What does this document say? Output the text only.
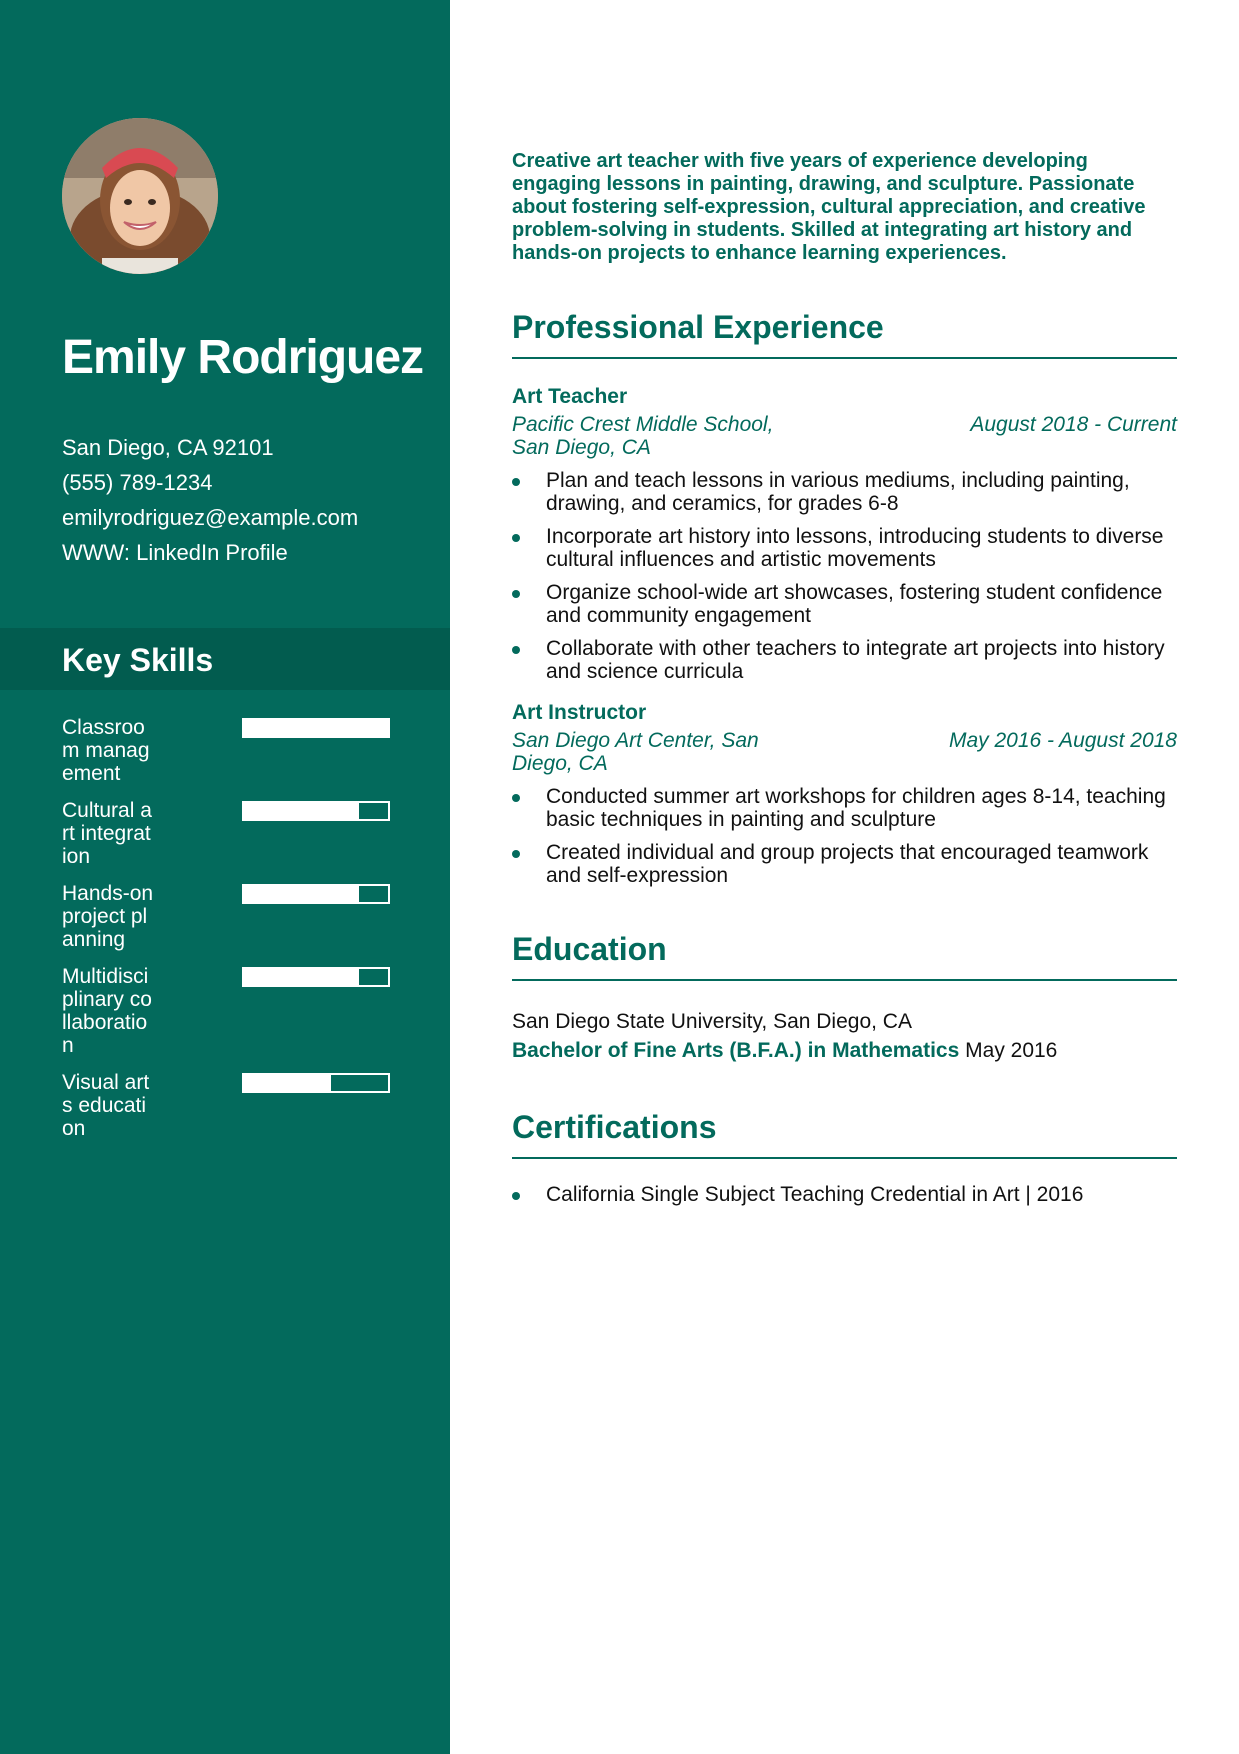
Emily Rodriguez
San Diego, CA 92101
(555) 789-1234
emilyrodriguez@example.com
WWW: LinkedIn Profile
Key Skills
Classroom management
Cultural art integration
Hands-on project planning
Multidisciplinary collaboration
Visual arts education

Creative art teacher with five years of experience developing engaging lessons in painting, drawing, and sculpture. Passionate about fostering self-expression, cultural appreciation, and creative problem-solving in students. Skilled at integrating art history and hands-on projects to enhance learning experiences.

Professional Experience
Art Teacher
Pacific Crest Middle School, San Diego, CA
August 2018 - Current
Plan and teach lessons in various mediums, including painting, drawing, and ceramics, for grades 6-8
Incorporate art history into lessons, introducing students to diverse cultural influences and artistic movements
Organize school-wide art showcases, fostering student confidence and community engagement
Collaborate with other teachers to integrate art projects into history and science curricula
Art Instructor
San Diego Art Center, San Diego, CA
May 2016 - August 2018
Conducted summer art workshops for children ages 8-14, teaching basic techniques in painting and sculpture
Created individual and group projects that encouraged teamwork and self-expression
Education
San Diego State University, San Diego, CA
Bachelor of Fine Arts (B.F.A.) in Mathematics May 2016
Certifications
California Single Subject Teaching Credential in Art | 2016
